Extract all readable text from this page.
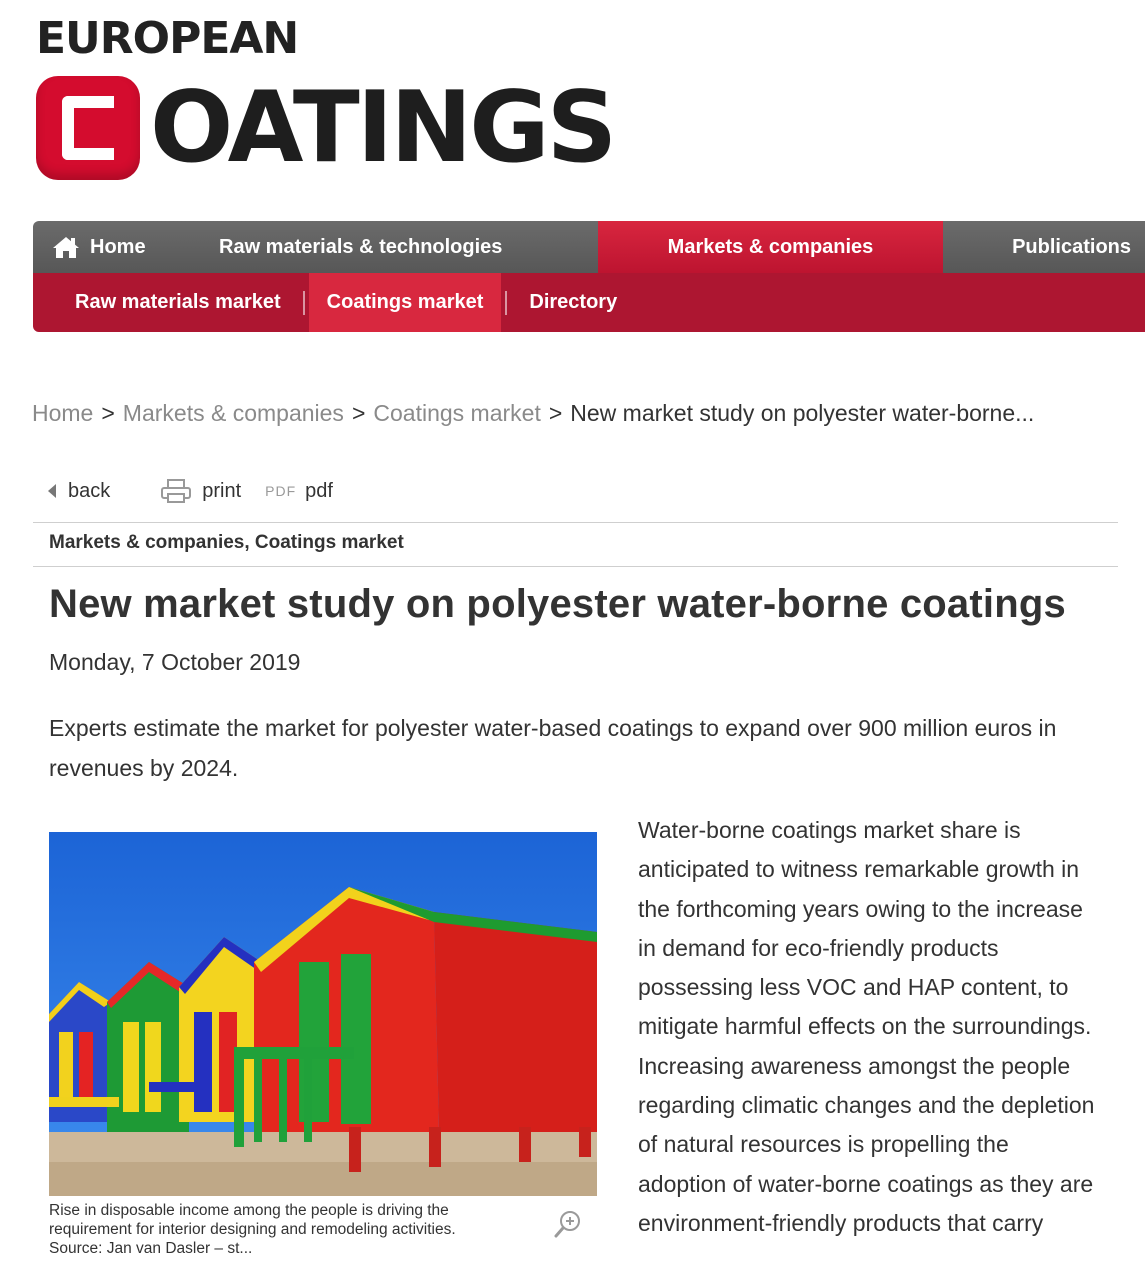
EUROPEAN
OATINGS
Home	Raw materials & technologies	Markets & companies	Publications
Raw materials market	Coatings market	Directory
Home > Markets & companies > Coatings market > New market study on polyester water-borne...
back	print PDF pdf
Markets & companies, Coatings market
New market study on polyester water-borne coatings
Monday, 7 October 2019

Experts estimate the market for polyester water-based coatings to expand over 900 million euros in revenues by 2024.

Rise in disposable income among the people is driving the requirement for interior designing and remodeling activities. Source: Jan van Dasler – st...

Water-borne coatings market share is anticipated to witness remarkable growth in the forthcoming years owing to the increase in demand for eco-friendly products possessing less VOC and HAP content, to mitigate harmful effects on the surroundings. Increasing awareness amongst the people regarding climatic changes and the depletion of natural resources is propelling the adoption of water-borne coatings as they are environment-friendly products that carry
